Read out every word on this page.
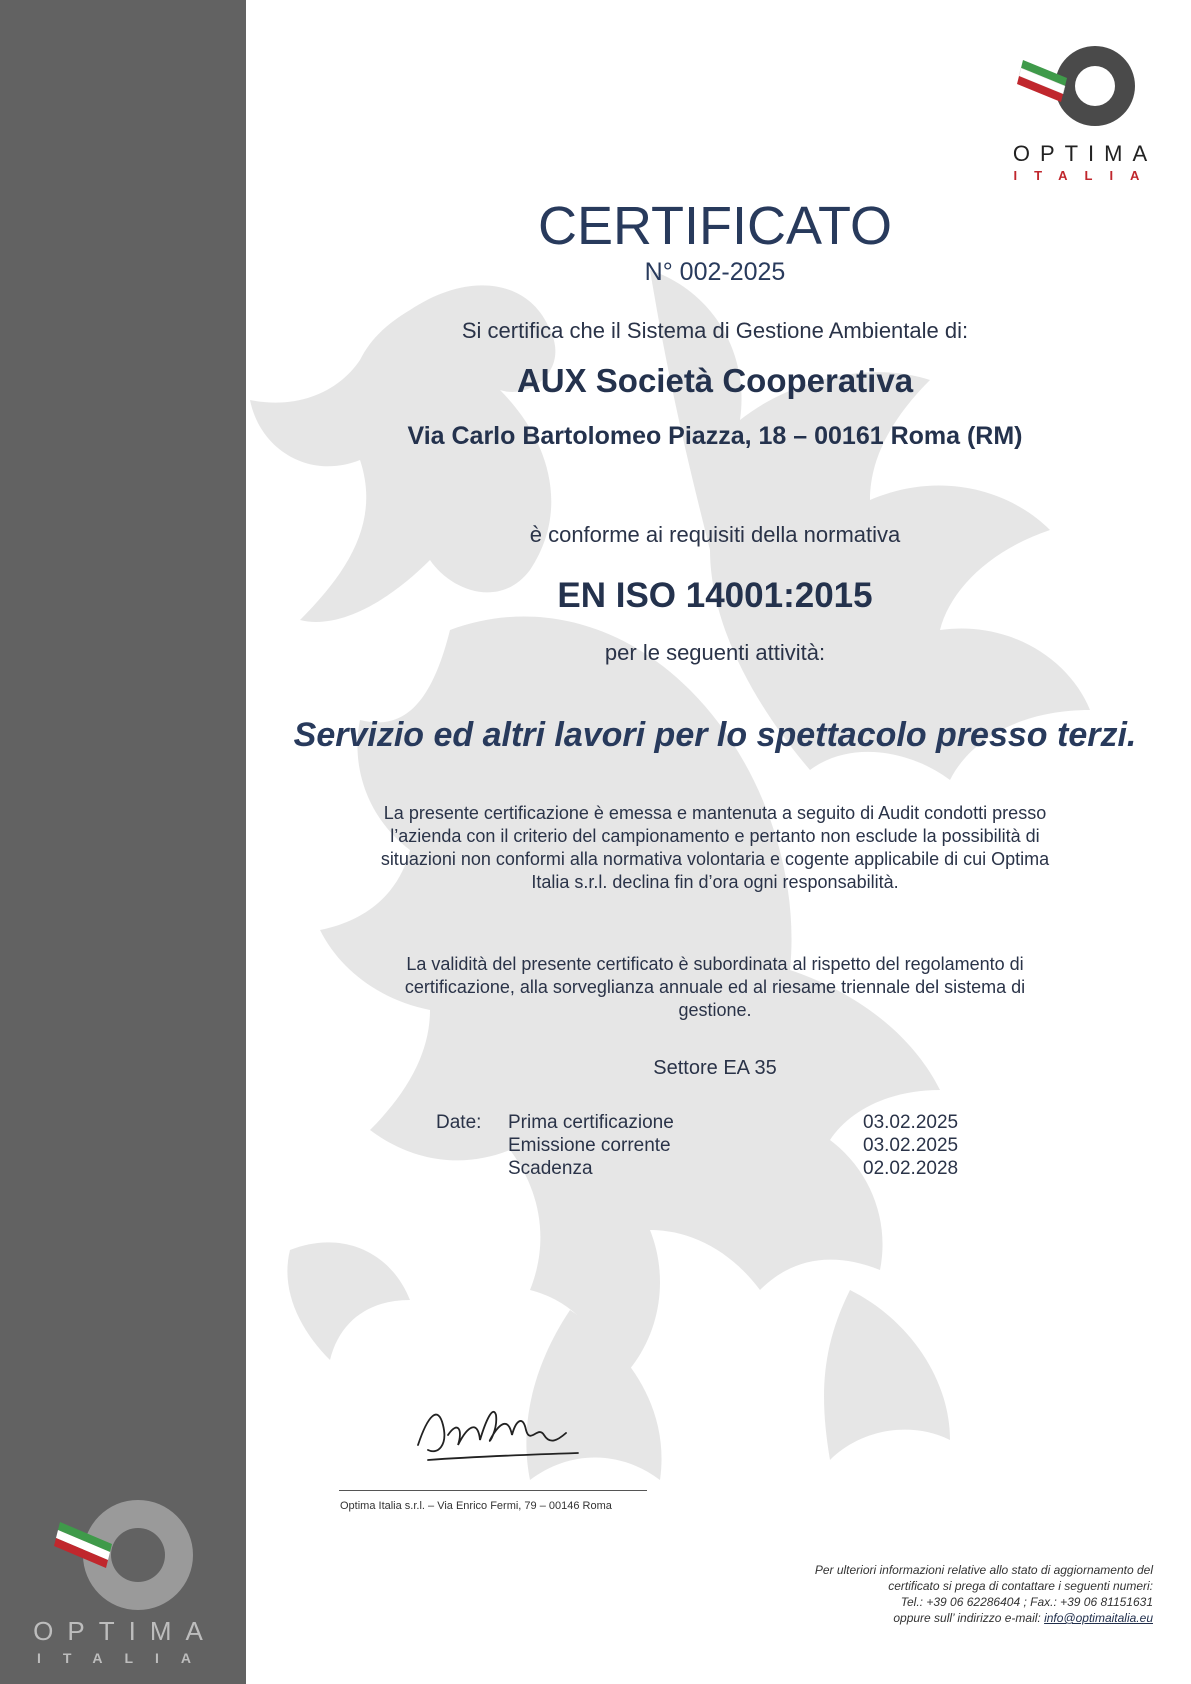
OPTIMA
ITALIA
OPTIMA
ITALIA
CERTIFICATO
N° 002-2025
Si certifica che il Sistema di Gestione Ambientale di:
AUX Società Cooperativa
Via Carlo Bartolomeo Piazza, 18 – 00161 Roma (RM)
è conforme ai requisiti della normativa
EN ISO 14001:2015
per le seguenti attività:
Servizio ed altri lavori per lo spettacolo presso terzi.
La presente certificazione è emessa e mantenuta a seguito di Audit condotti presso l’azienda con il criterio del campionamento e pertanto non esclude la possibilità di situazioni non conformi alla normativa volontaria e cogente applicabile di cui Optima Italia s.r.l. declina fin d’ora ogni responsabilità.
La validità del presente certificato è subordinata al rispetto del regolamento di certificazione, alla sorveglianza annuale ed al riesame triennale del sistema di gestione.
Settore EA 35
Date: Prima certificazione	03.02.2025
Emissione corrente	03.02.2025
Scadenza	02.02.2028
Optima Italia s.r.l. – Via Enrico Fermi, 79 – 00146 Roma
Per ulteriori informazioni relative allo stato di aggiornamento del
certificato si prega di contattare i seguenti numeri:
Tel.: +39 06 62286404 ; Fax.: +39 06 81151631
oppure sull’ indirizzo e-mail: info@optimaitalia.eu
